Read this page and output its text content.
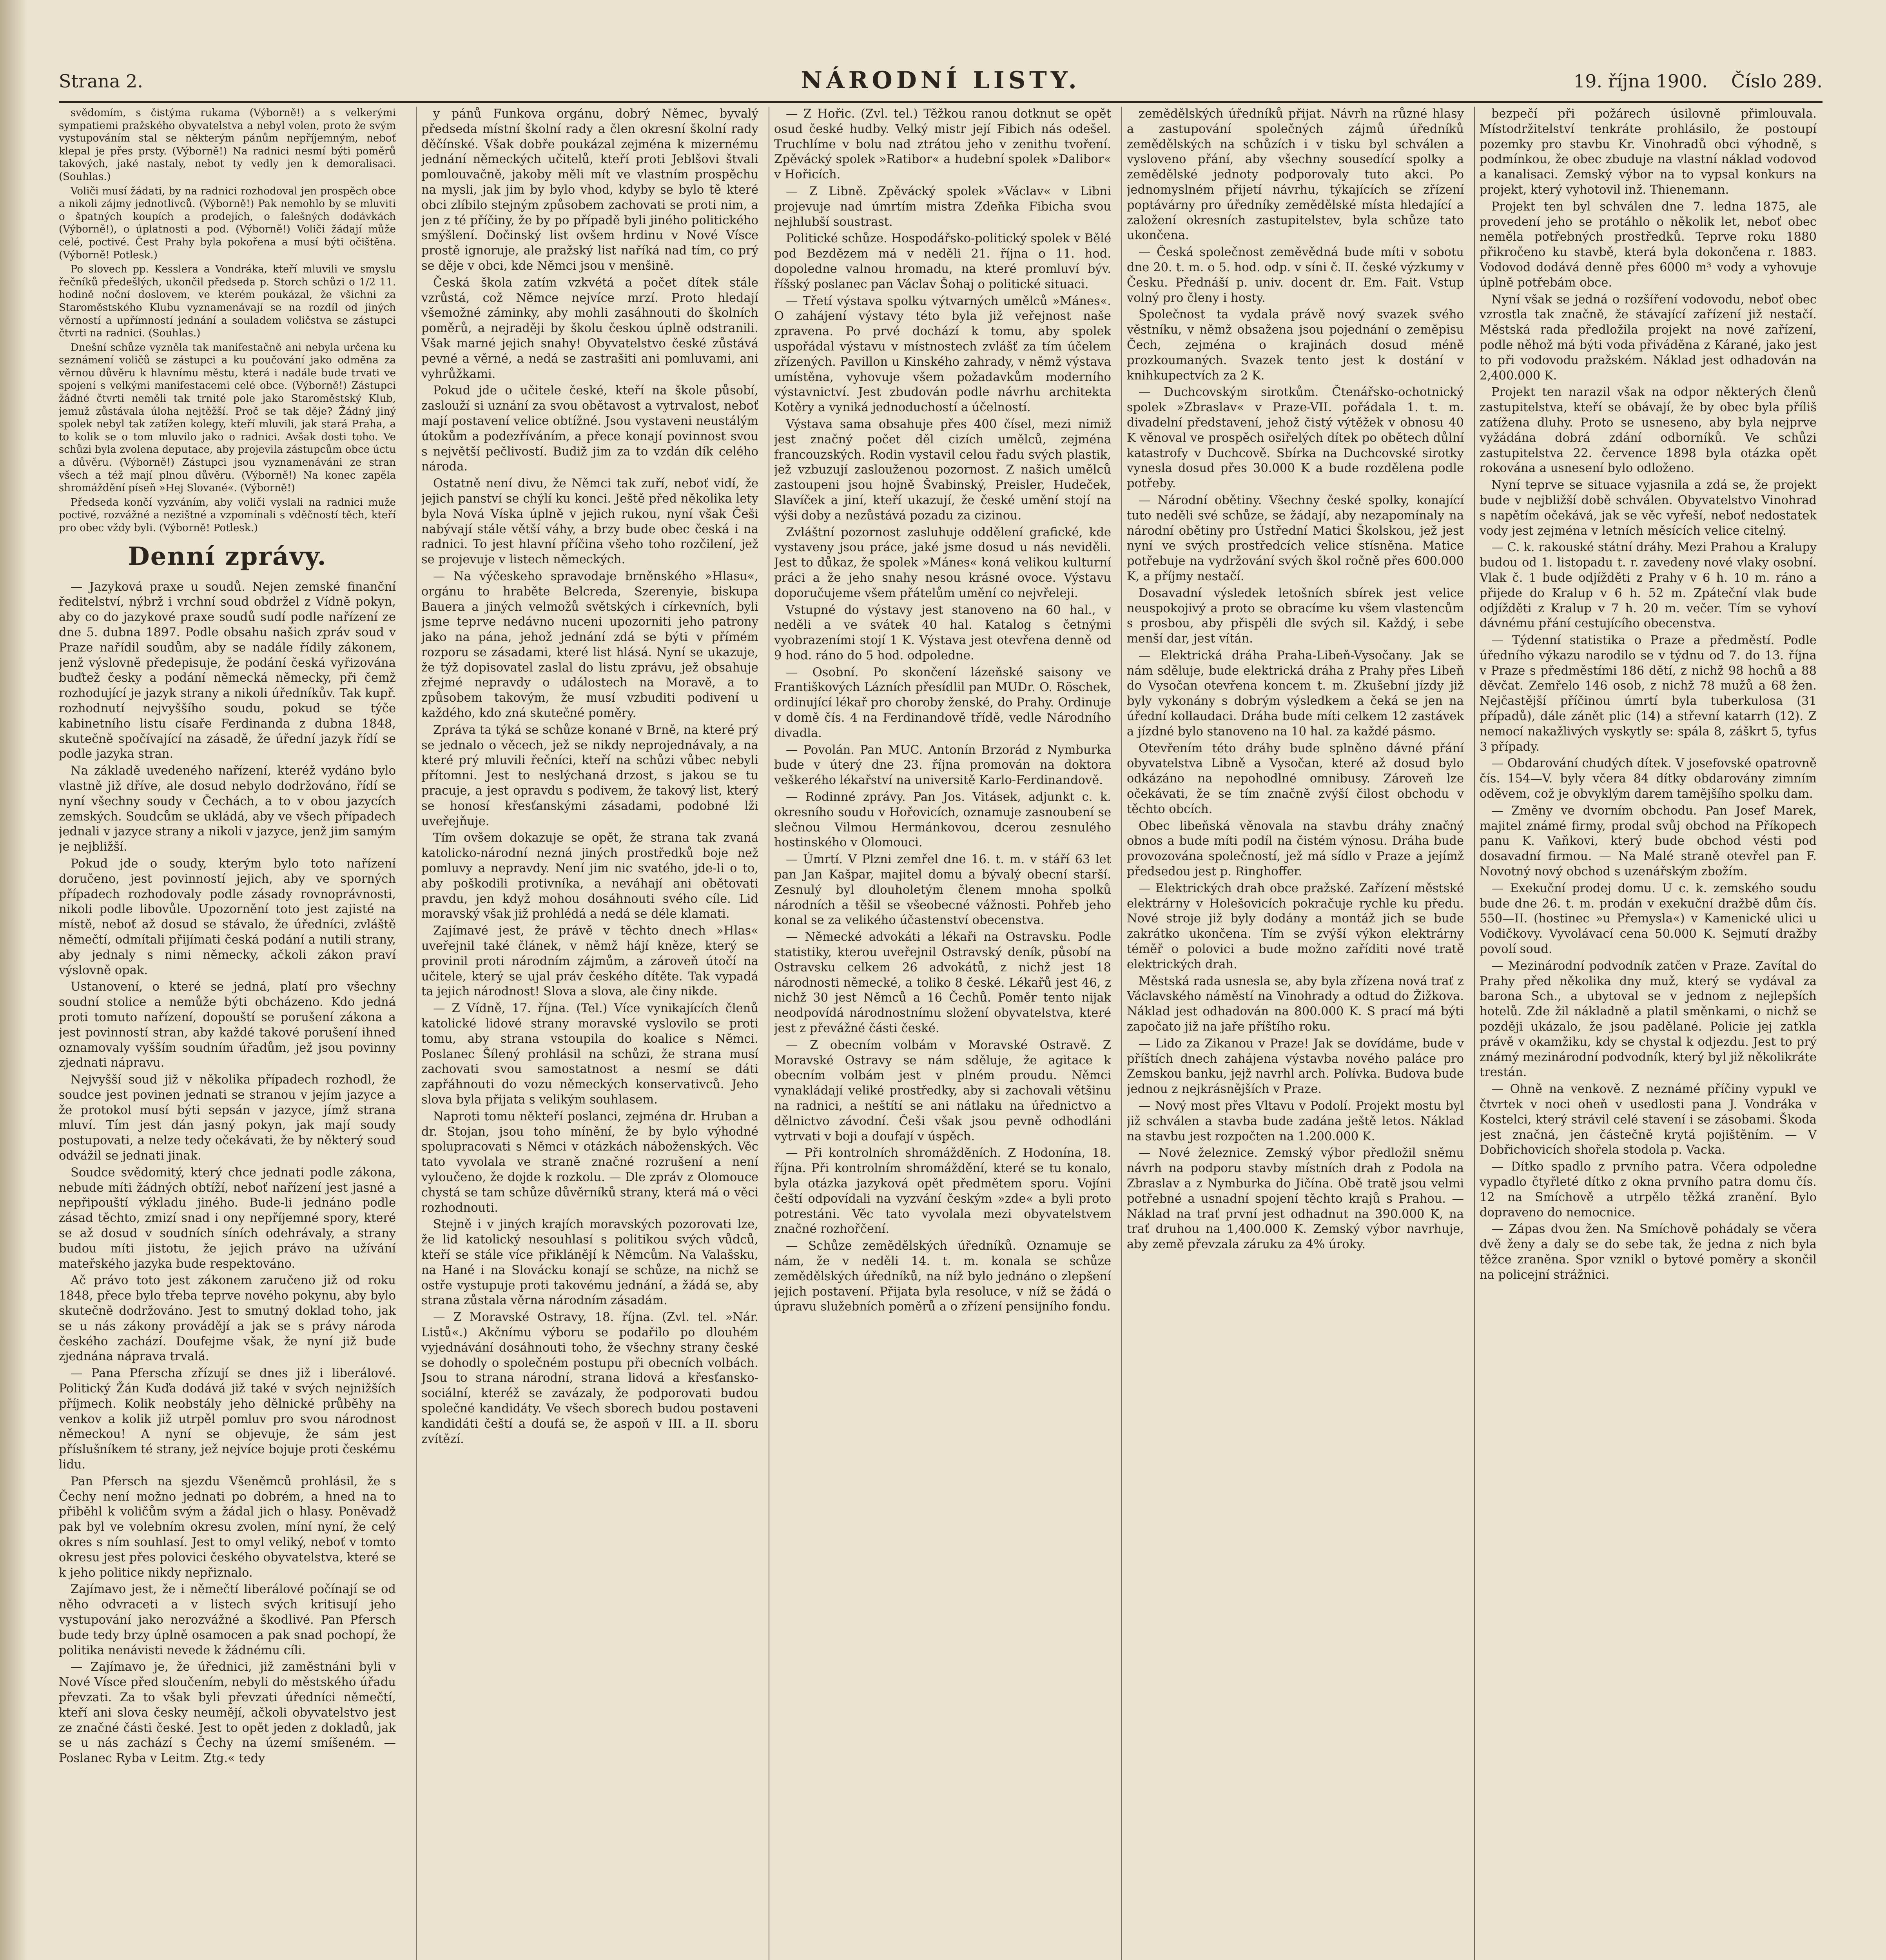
Strana 2.	NÁRODNÍ LISTY.	19. října 1900. Číslo 289.

svědomím, s čistýma rukama (Výborně!) a s velkerými sympatiemi pražského obyvatelstva a nebyl volen, proto že svým vystupováním stal se některým pánům nepříjemným, neboť klepal je přes prsty. (Výborně!) Na radnici nesmí býti poměrů takových, jaké nastaly, nebot ty vedly jen k demoralisaci. (Souhlas.)

Voliči musí žádati, by na radnici rozhodoval jen prospěch obce a nikoli zájmy jednotlivců. (Výborně!) Pak nemohlo by se mluviti o špatných koupích a prodejích, o falešných dodávkách (Výborně!), o úplatnosti a pod. (Výborně!) Voliči žádají může celé, poctivé. Čest Prahy byla pokořena a musí býti očištěna. (Výborně! Potlesk.)

Po slovech pp. Kesslera a Vondráka, kteří mluvili ve smyslu řečníků předešlých, ukončil předseda p. Storch schůzi o 1/2 11. hodině noční doslovem, ve kterém poukázal, že všichni za Staroměstského Klubu vyznamenávají se na rozdíl od jiných věrností a upřímností jednání a souladem voličstva se zástupci čtvrti na radnici. (Souhlas.)

Dnešní schůze vyzněla tak manifestačně ani nebyla určena ku seznámení voličů se zástupci a ku poučování jako odměna za věrnou důvěru k hlavnímu městu, která i nadále bude trvati ve spojení s velkými manifestacemi celé obce. (Výborně!) Zástupci žádné čtvrti neměli tak trnité pole jako Staroměstský Klub, jemuž zůstávala úloha nejtěžší. Proč se tak děje? Žádný jiný spolek nebyl tak zatížen kolegy, kteří mluvili, jak stará Praha, a to kolik se o tom mluvilo jako o radnici. Avšak dosti toho. Ve schůzi byla zvolena deputace, aby projevila zástupcům obce úctu a důvěru. (Výborně!) Zástupci jsou vyznamenáváni ze stran všech a též mají plnou důvěru. (Výborně!) Na konec zapěla shromáždění píseň »Hej Slované«. (Výborně!)

Předseda končí vyzváním, aby voliči vyslali na radnici muže poctivé, rozvážné a nezištné a vzpomínali s vděčností těch, kteří pro obec vždy byli. (Výborně! Potlesk.)

Denní zprávy.

— Jazyková praxe u soudů. Nejen zemské finanční ředitelství, nýbrž i vrchní soud obdržel z Vídně pokyn, aby co do jazykové praxe soudů sudí podle nařízení ze dne 5. dubna 1897. Podle obsahu našich zpráv soud v Praze nařídil soudům, aby se nadále řídily zákonem, jenž výslovně předepisuje, že podání česká vyřizována buďtež česky a podání německá německy, při čemž rozhodující je jazyk strany a nikoli úředníkův. Tak kupř. rozhodnutí nejvyššího soudu, pokud se týče kabinetního listu císaře Ferdinanda z dubna 1848, skutečně spočívající na zásadě, že úřední jazyk řídí se podle jazyka stran.

Na základě uvedeného nařízení, kteréž vydáno bylo vlastně již dříve, ale dosud nebylo dodržováno, řídí se nyní všechny soudy v Čechách, a to v obou jazycích zemských. Soudcům se ukládá, aby ve všech případech jednali v jazyce strany a nikoli v jazyce, jenž jim samým je nejbližší.

Pokud jde o soudy, kterým bylo toto nařízení doručeno, jest povinností jejich, aby ve sporných případech rozhodovaly podle zásady rovnoprávnosti, nikoli podle libovůle. Upozornění toto jest zajisté na místě, neboť až dosud se stávalo, že úředníci, zvláště němečtí, odmítali přijímati česká podání a nutili strany, aby jednaly s nimi německy, ačkoli zákon praví výslovně opak.

Ustanovení, o které se jedná, platí pro všechny soudní stolice a nemůže býti obcházeno. Kdo jedná proti tomuto nařízení, dopouští se porušení zákona a jest povinností stran, aby každé takové porušení ihned oznamovaly vyšším soudním úřadům, jež jsou povinny zjednati nápravu.

Nejvyšší soud již v několika případech rozhodl, že soudce jest povinen jednati se stranou v jejím jazyce a že protokol musí býti sepsán v jazyce, jímž strana mluví. Tím jest dán jasný pokyn, jak mají soudy postupovati, a nelze tedy očekávati, že by některý soud odvážil se jednati jinak.

Soudce svědomitý, který chce jednati podle zákona, nebude míti žádných obtíží, neboť nařízení jest jasné a nepřipouští výkladu jiného. Bude-li jednáno podle zásad těchto, zmizí snad i ony nepříjemné spory, které se až dosud v soudních síních odehrávaly, a strany budou míti jistotu, že jejich právo na užívání mateřského jazyka bude respektováno.

Ač právo toto jest zákonem zaručeno již od roku 1848, přece bylo třeba teprve nového pokynu, aby bylo skutečně dodržováno. Jest to smutný doklad toho, jak se u nás zákony provádějí a jak se s právy národa českého zachází. Doufejme však, že nyní již bude zjednána náprava trvalá.

— Pana Pferscha zřízují se dnes již i liberálové. Politický Žán Kuďa dodává již také v svých nejnižších příjmech. Kolik neobstály jeho dělnické průběhy na venkov a kolik již utrpěl pomluv pro svou národnost německou! A nyní se objevuje, že sám jest příslušníkem té strany, jež nejvíce bojuje proti českému lidu.

Pan Pfersch na sjezdu Všeněmců prohlásil, že s Čechy není možno jednati po dobrém, a hned na to přiběhl k voličům svým a žádal jich o hlasy. Poněvadž pak byl ve volebním okresu zvolen, míní nyní, že celý okres s ním souhlasí. Jest to omyl veliký, neboť v tomto okresu jest přes polovici českého obyvatelstva, které se k jeho politice nikdy nepřiznalo.

Zajímavo jest, že i němečtí liberálové počínají se od něho odvraceti a v listech svých kritisují jeho vystupování jako nerozvážné a škodlivé. Pan Pfersch bude tedy brzy úplně osamocen a pak snad pochopí, že politika nenávisti nevede k žádnému cíli.

— Zajímavo je, že úřednici, již zaměstnáni byli v Nové Vísce před sloučením, nebyli do městského úřadu převzati. Za to však byli převzati úředníci němečtí, kteří ani slova česky neumějí, ačkoli obyvatelstvo jest ze značné části české. Jest to opět jeden z dokladů, jak se u nás zachází s Čechy na území smíšeném. — Poslanec Ryba v Leitm. Ztg.« tedy

y pánů Funkova orgánu, dobrý Němec, byvalý předseda místní školní rady a člen okresní školní rady děčínské. Však dobře poukázal zejména k mizernému jednání německých učitelů, kteří proti Jeblšovi štvali pomlouvačně, jakoby měli mít ve vlastním prospěchu na mysli, jak jim by bylo vhod, kdyby se bylo tě které obci zlíbilo stejným způsobem zachovati se proti nim, a jen z té příčiny, že by po případě byli jiného politického smýšlení. Dočinský list ovšem hrdinu v Nové Vísce prostě ignoruje, ale pražský list naříká nad tím, co prý se děje v obci, kde Němci jsou v menšině.

Česká škola zatím vzkvétá a počet dítek stále vzrůstá, což Němce nejvíce mrzí. Proto hledají všemožné záminky, aby mohli zasáhnouti do školních poměrů, a nejraději by školu českou úplně odstranili. Však marné jejich snahy! Obyvatelstvo české zůstává pevné a věrné, a nedá se zastrašiti ani pomluvami, ani vyhrůžkami.

Pokud jde o učitele české, kteří na škole působí, zaslouží si uznání za svou obětavost a vytrvalost, neboť mají postavení velice obtížné. Jsou vystaveni neustálým útokům a podezříváním, a přece konají povinnost svou s největší pečlivostí. Budiž jim za to vzdán dík celého národa.

Ostatně není divu, že Němci tak zuří, neboť vidí, že jejich panství se chýlí ku konci. Ještě před několika lety byla Nová Víska úplně v jejich rukou, nyní však Češi nabývají stále větší váhy, a brzy bude obec česká i na radnici. To jest hlavní příčina všeho toho rozčilení, jež se projevuje v listech německých.

— Na výčeskeho spravodaje brněnského »Hlasu«, orgánu to hraběte Belcreda, Szerenyie, biskupa Bauera a jiných velmožů světských i církevních, byli jsme teprve nedávno nuceni upozorniti jeho patrony jako na pána, jehož jednání zdá se býti v přímém rozporu se zásadami, které list hlásá. Nyní se ukazuje, že týž dopisovatel zaslal do listu zprávu, jež obsahuje zřejmé nepravdy o událostech na Moravě, a to způsobem takovým, že musí vzbuditi podivení u každého, kdo zná skutečné poměry.

Zpráva ta týká se schůze konané v Brně, na které prý se jednalo o věcech, jež se nikdy neprojednávaly, a na které prý mluvili řečníci, kteří na schůzi vůbec nebyli přítomni. Jest to neslýchaná drzost, s jakou se tu pracuje, a jest opravdu s podivem, že takový list, který se honosí křesťanskými zásadami, podobné lži uveřejňuje.

Tím ovšem dokazuje se opět, že strana tak zvaná katolicko-národní nezná jiných prostředků boje než pomluvy a nepravdy. Není jim nic svatého, jde-li o to, aby poškodili protivníka, a neváhají ani obětovati pravdu, jen když mohou dosáhnouti svého cíle. Lid moravský však již prohlédá a nedá se déle klamati.

Zajímavé jest, že právě v těchto dnech »Hlas« uveřejnil také článek, v němž hájí kněze, který se provinil proti národním zájmům, a zároveň útočí na učitele, který se ujal práv českého dítěte. Tak vypadá ta jejich národnost! Slova a slova, ale činy nikde.

— Z Vídně, 17. října. (Tel.) Více vynikajících členů katolické lidové strany moravské vyslovilo se proti tomu, aby strana vstoupila do koalice s Němci. Poslanec Šílený prohlásil na schůzi, že strana musí zachovati svou samostatnost a nesmí se dáti zapřáhnouti do vozu německých konservativců. Jeho slova byla přijata s velikým souhlasem.

Naproti tomu někteří poslanci, zejména dr. Hruban a dr. Stojan, jsou toho mínění, že by bylo výhodné spolupracovati s Němci v otázkách náboženských. Věc tato vyvolala ve straně značné rozrušení a není vyloučeno, že dojde k rozkolu. — Dle zpráv z Olomouce chystá se tam schůze důvěrníků strany, která má o věci rozhodnouti.

Stejně i v jiných krajích moravských pozorovati lze, že lid katolický nesouhlasí s politikou svých vůdců, kteří se stále více přiklánějí k Němcům. Na Valašsku, na Hané i na Slovácku konají se schůze, na nichž se ostře vystupuje proti takovému jednání, a žádá se, aby strana zůstala věrna národním zásadám.

— Z Moravské Ostravy, 18. října. (Zvl. tel. »Nár. Listů«.) Akčnímu výboru se podařilo po dlouhém vyjednávání dosáhnouti toho, že všechny strany české se dohodly o společném postupu při obecních volbách. Jsou to strana národní, strana lidová a křesťansko-sociální, kteréž se zavázaly, že podporovati budou společné kandidáty. Ve všech sborech budou postaveni kandidáti čeští a doufá se, že aspoň v III. a II. sboru zvítězí.

— Z Hořic. (Zvl. tel.) Těžkou ranou dotknut se opět osud české hudby. Velký mistr její Fibich nás odešel. Truchlíme v bolu nad ztrátou jeho v zenithu tvoření. Zpěvácký spolek »Ratibor« a hudební spolek »Dalibor« v Hořicích.

— Z Libně. Zpěvácký spolek »Václav« v Libni projevuje nad úmrtím mistra Zdeňka Fibicha svou nejhlubší soustrast.

Politické schůze. Hospodářsko-politický spolek v Bělé pod Bezdězem má v neděli 21. října o 11. hod. dopoledne valnou hromadu, na které promluví býv. říšský poslanec pan Václav Šohaj o politické situaci.

— Třetí výstava spolku výtvarných umělců »Mánes«. O zahájení výstavy této byla již veřejnost naše zpravena. Po prvé dochází k tomu, aby spolek uspořádal výstavu v místnostech zvlášť za tím účelem zřízených. Pavillon u Kinského zahrady, v němž výstava umístěna, vyhovuje všem požadavkům moderního výstavnictví. Jest zbudován podle návrhu architekta Kotěry a vyniká jednoduchostí a účelností.

Výstava sama obsahuje přes 400 čísel, mezi nimiž jest značný počet děl cizích umělců, zejména francouzských. Rodin vystavil celou řadu svých plastik, jež vzbuzují zaslouženou pozornost. Z našich umělců zastoupeni jsou hojně Švabinský, Preisler, Hudeček, Slavíček a jiní, kteří ukazují, že české umění stojí na výši doby a nezůstává pozadu za cizinou.

Zvláštní pozornost zasluhuje oddělení grafické, kde vystaveny jsou práce, jaké jsme dosud u nás neviděli. Jest to důkaz, že spolek »Mánes« koná velikou kulturní práci a že jeho snahy nesou krásné ovoce. Výstavu doporučujeme všem přátelům umění co nejvřeleji.

Vstupné do výstavy jest stanoveno na 60 hal., v neděli a ve svátek 40 hal. Katalog s četnými vyobrazeními stojí 1 K. Výstava jest otevřena denně od 9 hod. ráno do 5 hod. odpoledne.

— Osobní. Po skončení lázeňské saisony ve Františkových Lázních přesídlil pan MUDr. O. Röschek, ordinující lékař pro choroby ženské, do Prahy. Ordinuje v domě čís. 4 na Ferdinandově třídě, vedle Národního divadla.

— Povolán. Pan MUC. Antonín Brzorád z Nymburka bude v úterý dne 23. října promován na doktora veškerého lékařství na universitě Karlo-Ferdinandově.

— Rodinné zprávy. Pan Jos. Vitásek, adjunkt c. k. okresního soudu v Hořovicích, oznamuje zasnoubení se slečnou Vilmou Hermánkovou, dcerou zesnulého hostinského v Olomouci.

— Úmrtí. V Plzni zemřel dne 16. t. m. v stáří 63 let pan Jan Kašpar, majitel domu a bývalý obecní starší. Zesnulý byl dlouholetým členem mnoha spolků národních a těšil se všeobecné vážnosti. Pohřeb jeho konal se za velikého účastenství obecenstva.

— Německé advokáti a lékaři na Ostravsku. Podle statistiky, kterou uveřejnil Ostravský deník, působí na Ostravsku celkem 26 advokátů, z nichž jest 18 národnosti německé, a toliko 8 české. Lékařů jest 46, z nichž 30 jest Němců a 16 Čechů. Poměr tento nijak neodpovídá národnostnímu složení obyvatelstva, které jest z převážné části české.

— Z obecním volbám v Moravské Ostravě. Z Moravské Ostravy se nám sděluje, že agitace k obecním volbám jest v plném proudu. Němci vynakládají veliké prostředky, aby si zachovali většinu na radnici, a neštítí se ani nátlaku na úřednictvo a dělnictvo závodní. Češi však jsou pevně odhodláni vytrvati v boji a doufají v úspěch.

— Při kontrolních shromážděních. Z Hodonína, 18. října. Při kontrolním shromáždění, které se tu konalo, byla otázka jazyková opět předmětem sporu. Vojíni čeští odpovídali na vyzvání českým »zde« a byli proto potrestáni. Věc tato vyvolala mezi obyvatelstvem značné rozhořčení.

— Schůze zemědělských úředníků. Oznamuje se nám, že v neděli 14. t. m. konala se schůze zemědělských úředníků, na níž bylo jednáno o zlepšení jejich postavení. Přijata byla resoluce, v níž se žádá o úpravu služebních poměrů a o zřízení pensijního fondu.

zemědělských úředníků přijat. Návrh na různé hlasy a zastupování společných zájmů úředníků zemědělských na schůzích i v tisku byl schválen a vysloveno přání, aby všechny sousedící spolky a zemědělské jednoty podporovaly tuto akci. Po jednomyslném přijetí návrhu, týkajících se zřízení poptávárny pro úředníky zemědělské místa hledající a založení okresních zastupitelstev, byla schůze tato ukončena.

— Česká společnost zeměvědná bude míti v sobotu dne 20. t. m. o 5. hod. odp. v síni č. II. české výzkumy v Česku. Přednáší p. univ. docent dr. Em. Fait. Vstup volný pro členy i hosty.

Společnost ta vydala právě nový svazek svého věstníku, v němž obsažena jsou pojednání o zeměpisu Čech, zejména o krajinách dosud méně prozkoumaných. Svazek tento jest k dostání v knihkupectvích za 2 K.

— Duchcovským sirotkům. Čtenářsko-ochotnický spolek »Zbraslav« v Praze-VII. pořádala 1. t. m. divadelní představení, jehož čistý výtěžek v obnosu 40 K věnoval ve prospěch osiřelých dítek po obětech důlní katastrofy v Duchcově. Sbírka na Duchcovské sirotky vynesla dosud přes 30.000 K a bude rozdělena podle potřeby.

— Národní obětiny. Všechny české spolky, konající tuto neděli své schůze, se žádají, aby nezapomínaly na národní obětiny pro Ústřední Matici Školskou, jež jest nyní ve svých prostředcích velice stísněna. Matice potřebuje na vydržování svých škol ročně přes 600.000 K, a příjmy nestačí.

Dosavadní výsledek letošních sbírek jest velice neuspokojivý a proto se obracíme ku všem vlastencům s prosbou, aby přispěli dle svých sil. Každý, i sebe menší dar, jest vítán.

— Elektrická dráha Praha-Libeň-Vysočany. Jak se nám sděluje, bude elektrická dráha z Prahy přes Libeň do Vysočan otevřena koncem t. m. Zkušební jízdy již byly vykonány s dobrým výsledkem a čeká se jen na úřední kollaudaci. Dráha bude míti celkem 12 zastávek a jízdné bylo stanoveno na 10 hal. za každé pásmo.

Otevřením této dráhy bude splněno dávné přání obyvatelstva Libně a Vysočan, které až dosud bylo odkázáno na nepohodlné omnibusy. Zároveň lze očekávati, že se tím značně zvýší čilost obchodu v těchto obcích.

Obec libeňská věnovala na stavbu dráhy značný obnos a bude míti podíl na čistém výnosu. Dráha bude provozována společností, jež má sídlo v Praze a jejímž předsedou jest p. Ringhoffer.

— Elektrických drah obce pražské. Zařízení městské elektrárny v Holešovicích pokračuje rychle ku předu. Nové stroje již byly dodány a montáž jich se bude zakrátko ukončena. Tím se zvýší výkon elektrárny téměř o polovici a bude možno zaříditi nové tratě elektrických drah.

Městská rada usnesla se, aby byla zřízena nová trať z Václavského náměstí na Vinohrady a odtud do Žižkova. Náklad jest odhadován na 800.000 K. S prací má býti započato již na jaře příštího roku.

— Lido za Zikanou v Praze! Jak se dovídáme, bude v příštích dnech zahájena výstavba nového paláce pro Zemskou banku, jejž navrhl arch. Polívka. Budova bude jednou z nejkrásnějších v Praze.

— Nový most přes Vltavu v Podolí. Projekt mostu byl již schválen a stavba bude zadána ještě letos. Náklad na stavbu jest rozpočten na 1.200.000 K.

— Nové železnice. Zemský výbor předložil sněmu návrh na podporu stavby místních drah z Podola na Zbraslav a z Nymburka do Jičína. Obě tratě jsou velmi potřebné a usnadní spojení těchto krajů s Prahou. — Náklad na trať první jest odhadnut na 390.000 K, na trať druhou na 1,400.000 K. Zemský výbor navrhuje, aby země převzala záruku za 4% úroky.

bezpečí při požárech úsilovně přimlouvala. Místodržitelství tenkráte prohlásilo, že postoupí pozemky pro stavbu Kr. Vinohradů obci výhodně, s podmínkou, že obec zbuduje na vlastní náklad vodovod a kanalisaci. Zemský výbor na to vypsal konkurs na projekt, který vyhotovil inž. Thienemann.

Projekt ten byl schválen dne 7. ledna 1875, ale provedení jeho se protáhlo o několik let, neboť obec neměla potřebných prostředků. Teprve roku 1880 přikročeno ku stavbě, která byla dokončena r. 1883. Vodovod dodává denně přes 6000 m³ vody a vyhovuje úplně potřebám obce.

Nyní však se jedná o rozšíření vodovodu, neboť obec vzrostla tak značně, že stávající zařízení již nestačí. Městská rada předložila projekt na nové zařízení, podle něhož má býti voda přiváděna z Kárané, jako jest to při vodovodu pražském. Náklad jest odhadován na 2,400.000 K.

Projekt ten narazil však na odpor některých členů zastupitelstva, kteří se obávají, že by obec byla příliš zatížena dluhy. Proto se usneseno, aby byla nejprve vyžádána dobrá zdání odborníků. Ve schůzi zastupitelstva 22. července 1898 byla otázka opět rokována a usnesení bylo odloženo.

Nyní teprve se situace vyjasnila a zdá se, že projekt bude v nejbližší době schválen. Obyvatelstvo Vinohrad s napětím očekává, jak se věc vyřeší, neboť nedostatek vody jest zejména v letních měsících velice citelný.

— C. k. rakouské státní dráhy. Mezi Prahou a Kralupy budou od 1. listopadu t. r. zavedeny nové vlaky osobní. Vlak č. 1 bude odjížděti z Prahy v 6 h. 10 m. ráno a přijede do Kralup v 6 h. 52 m. Zpáteční vlak bude odjížděti z Kralup v 7 h. 20 m. večer. Tím se vyhoví dávnému přání cestujícího obecenstva.

— Týdenní statistika o Praze a předměstí. Podle úředního výkazu narodilo se v týdnu od 7. do 13. října v Praze s předměstími 186 dětí, z nichž 98 hochů a 88 děvčat. Zemřelo 146 osob, z nichž 78 mužů a 68 žen. Nejčastější příčinou úmrtí byla tuberkulosa (31 případů), dále zánět plic (14) a střevní katarrh (12). Z nemocí nakažlivých vyskytly se: spála 8, záškrt 5, tyfus 3 případy.

— Obdarování chudých dítek. V josefovské opatrovně čís. 154—V. byly včera 84 dítky obdarovány zimním oděvem, což je obvyklým darem tamějšího spolku dam.

— Změny ve dvorním obchodu. Pan Josef Marek, majitel známé firmy, prodal svůj obchod na Příkopech panu K. Vaňkovi, který bude obchod vésti pod dosavadní firmou. — Na Malé straně otevřel pan F. Novotný nový obchod s uzenářským zbožím.

— Exekuční prodej domu. U c. k. zemského soudu bude dne 26. t. m. prodán v exekuční dražbě dům čís. 550—II. (hostinec »u Přemysla«) v Kamenické ulici u Vodičkovy. Vyvolávací cena 50.000 K. Sejmutí dražby povolí soud.

— Mezinárodní podvodník zatčen v Praze. Zavítal do Prahy před několika dny muž, který se vydával za barona Sch., a ubytoval se v jednom z nejlepších hotelů. Zde žil nákladně a platil směnkami, o nichž se později ukázalo, že jsou padělané. Policie jej zatkla právě v okamžiku, kdy se chystal k odjezdu. Jest to prý známý mezinárodní podvodník, který byl již několikráte trestán.

— Ohně na venkově. Z neznámé příčiny vypukl ve čtvrtek v noci oheň v usedlosti pana J. Vondráka v Kostelci, který strávil celé stavení i se zásobami. Škoda jest značná, jen částečně krytá pojištěním. — V Dobřichovicích shořela stodola p. Vacka.

— Dítko spadlo z prvního patra. Včera odpoledne vypadlo čtyřleté dítko z okna prvního patra domu čís. 12 na Smíchově a utrpělo těžká zranění. Bylo dopraveno do nemocnice.

— Zápas dvou žen. Na Smíchově pohádaly se včera dvě ženy a daly se do sebe tak, že jedna z nich byla těžce zraněna. Spor vznikl o bytové poměry a skončil na policejní strážnici.
